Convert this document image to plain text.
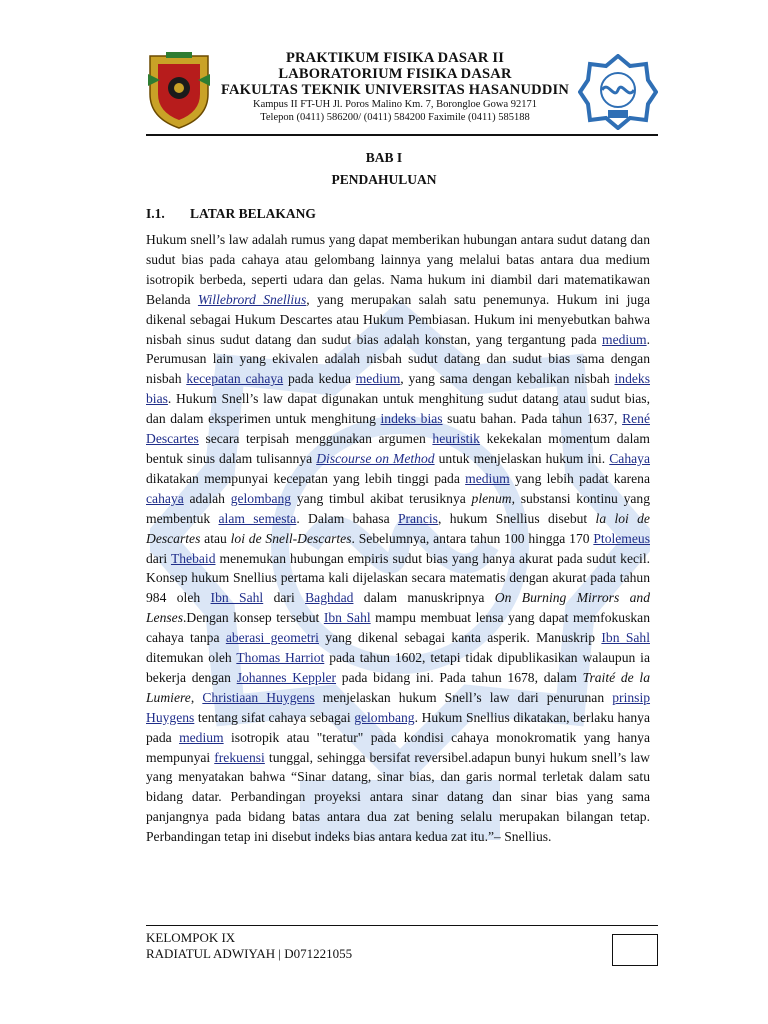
PRAKTIKUM FISIKA DASAR II
LABORATORIUM FISIKA DASAR
FAKULTAS TEKNIK UNIVERSITAS HASANUDDIN
Kampus II FT-UH Jl. Poros Malino Km. 7, Borongloe Gowa 92171
Telepon (0411) 586200/ (0411) 584200 Faximile (0411) 585188
BAB I
PENDAHULUAN
I.1. LATAR BELAKANG
Hukum snell’s law adalah rumus yang dapat memberikan hubungan antara sudut datang dan sudut bias pada cahaya atau gelombang lainnya yang melalui batas antara dua medium isotropik berbeda, seperti udara dan gelas. Nama hukum ini diambil dari matematikawan Belanda Willebrord Snellius, yang merupakan salah satu penemunya. Hukum ini juga dikenal sebagai Hukum Descartes atau Hukum Pembiasan. Hukum ini menyebutkan bahwa nisbah sinus sudut datang dan sudut bias adalah konstan, yang tergantung pada medium. Perumusan lain yang ekivalen adalah nisbah sudut datang dan sudut bias sama dengan nisbah kecepatan cahaya pada kedua medium, yang sama dengan kebalikan nisbah indeks bias. Hukum Snell’s law dapat digunakan untuk menghitung sudut datang atau sudut bias, dan dalam eksperimen untuk menghitung indeks bias suatu bahan. Pada tahun 1637, René Descartes secara terpisah menggunakan argumen heuristik kekekalan momentum dalam bentuk sinus dalam tulisannya Discourse on Method untuk menjelaskan hukum ini. Cahaya dikatakan mempunyai kecepatan yang lebih tinggi pada medium yang lebih padat karena cahaya adalah gelombang yang timbul akibat terusiknya plenum, substansi kontinu yang membentuk alam semesta. Dalam bahasa Prancis, hukum Snellius disebut la loi de Descartes atau loi de Snell-Descartes. Sebelumnya, antara tahun 100 hingga 170 Ptolemeus dari Thebaid menemukan hubungan empiris sudut bias yang hanya akurat pada sudut kecil. Konsep hukum Snellius pertama kali dijelaskan secara matematis dengan akurat pada tahun 984 oleh Ibn Sahl dari Baghdad dalam manuskripnya On Burning Mirrors and Lenses.Dengan konsep tersebut Ibn Sahl mampu membuat lensa yang dapat memfokuskan cahaya tanpa aberasi geometri yang dikenal sebagai kanta asperik. Manuskrip Ibn Sahl ditemukan oleh Thomas Harriot pada tahun 1602, tetapi tidak dipublikasikan walaupun ia bekerja dengan Johannes Keppler pada bidang ini. Pada tahun 1678, dalam Traité de la Lumiere, Christiaan Huygens menjelaskan hukum Snell’s law dari penurunan prinsip Huygens tentang sifat cahaya sebagai gelombang. Hukum Snellius dikatakan, berlaku hanya pada medium isotropik atau "teratur" pada kondisi cahaya monokromatik yang hanya mempunyai frekuensi tunggal, sehingga bersifat reversibel.adapun bunyi hukum snell’s law yang menyatakan bahwa “Sinar datang, sinar bias, dan garis normal terletak dalam satu bidang datar. Perbandingan proyeksi antara sinar datang dan sinar bias yang sama panjangnya pada bidang batas antara dua zat bening selalu merupakan bilangan tetap. Perbandingan tetap ini disebut indeks bias antara kedua zat itu.”– Snellius.
KELOMPOK IX
RADIATUL ADWIYAH | D071221055
